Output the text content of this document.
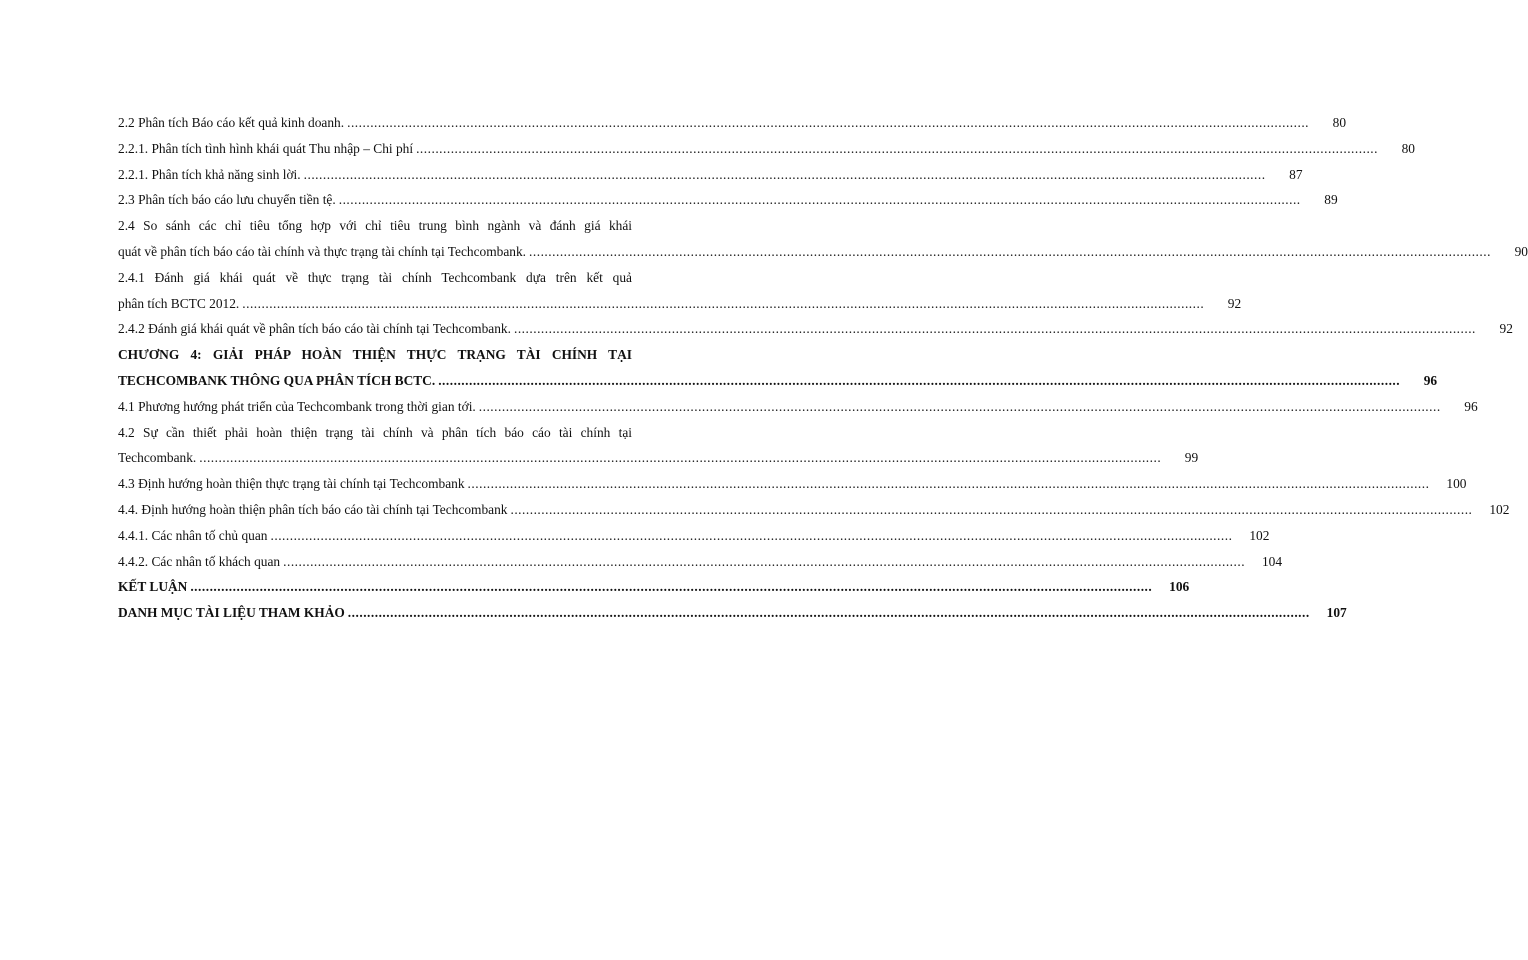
2.2 Phân tích Báo cáo kết quả kinh doanh. .....	80
2.2.1. Phân tích tình hình khái quát Thu nhập – Chi phí .....	80
2.2.1. Phân tích khả năng sinh lời. .....	87
2.3 Phân tích báo cáo lưu chuyển tiền tệ. .....	89
2.4 So sánh các chỉ tiêu tổng hợp với chỉ tiêu trung bình ngành và đánh giá khái
quát về phân tích báo cáo tài chính và thực trạng tài chính tại Techcombank. .....	90
2.4.1 Đánh giá khái quát về thực trạng tài chính Techcombank dựa trên kết quả
phân tích BCTC 2012. .....	92
2.4.2 Đánh giá khái quát về phân tích báo cáo tài chính tại Techcombank. .....	92
CHƯƠNG 4: GIẢI PHÁP HOÀN THIỆN THỰC TRẠNG TÀI CHÍNH TẠI
TECHCOMBANK THÔNG QUA PHÂN TÍCH BCTC. .....	96
4.1 Phương hướng phát triển của Techcombank trong thời gian tới. .....	96
4.2 Sự cần thiết phải hoàn thiện trạng tài chính và phân tích báo cáo tài chính tại
Techcombank. .....	99
4.3 Định hướng hoàn thiện thực trạng tài chính tại Techcombank .....	100
4.4. Định hướng hoàn thiện phân tích báo cáo tài chính tại Techcombank .....	102
4.4.1. Các nhân tố chủ quan .....	102
4.4.2. Các nhân tố khách quan .....	104
KẾT LUẬN .....	106
DANH MỤC TÀI LIỆU THAM KHẢO .....	107
